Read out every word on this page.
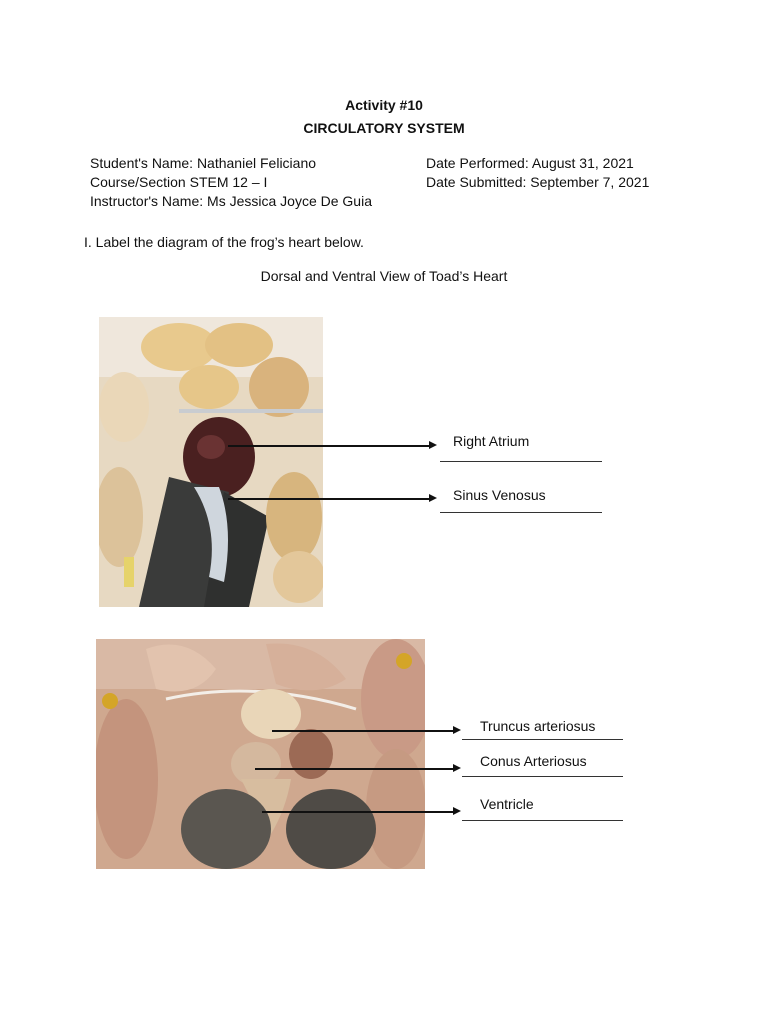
Activity #10
CIRCULATORY SYSTEM
Student's Name: Nathaniel Feliciano
Course/Section STEM 12 – I
Instructor's Name: Ms Jessica Joyce De Guia
Date Performed: August 31, 2021
Date Submitted: September 7, 2021
I. Label the diagram of the frog’s heart below.
Dorsal and Ventral View of Toad’s Heart
Right Atrium
Sinus Venosus
Truncus arteriosus
Conus Arteriosus
Ventricle
